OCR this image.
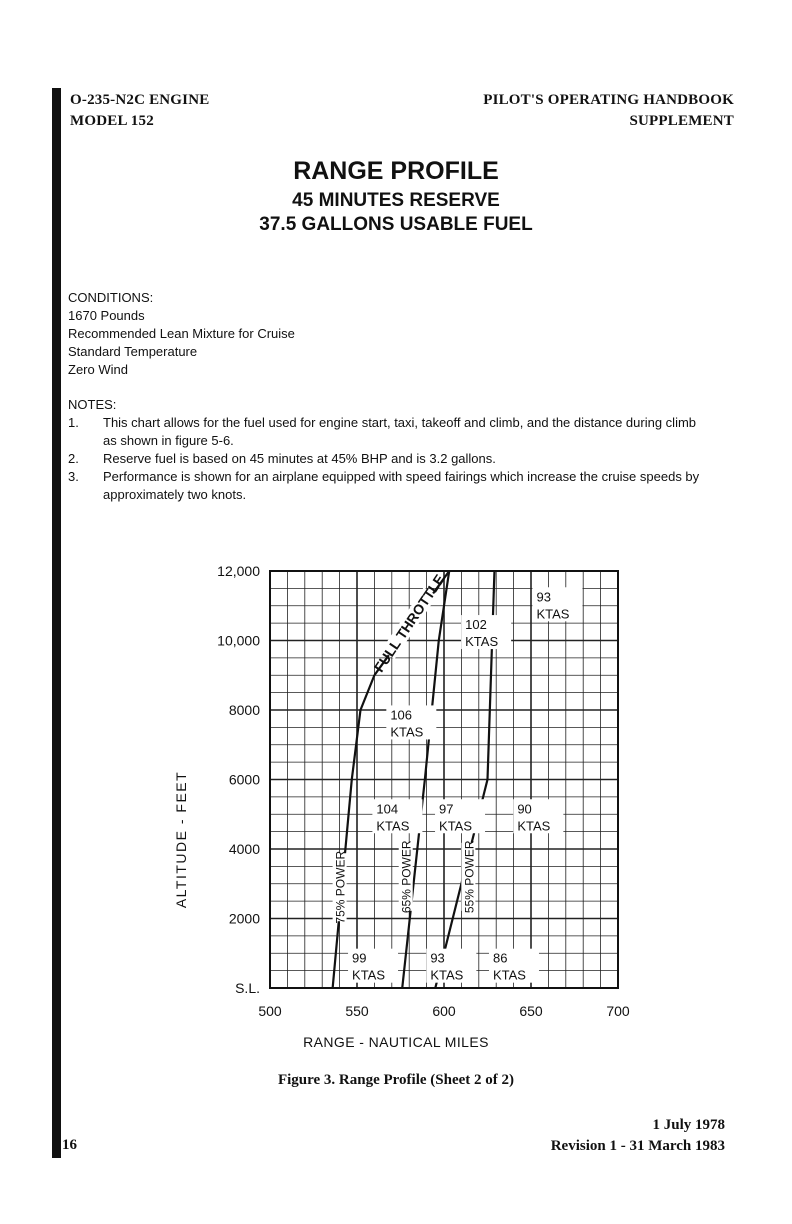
O-235-N2C ENGINE
MODEL 152
PILOT'S OPERATING HANDBOOK
SUPPLEMENT
RANGE PROFILE
45 MINUTES RESERVE
37.5 GALLONS USABLE FUEL
CONDITIONS:
1670 Pounds
Recommended Lean Mixture for Cruise
Standard Temperature
Zero Wind
NOTES:
1.	This chart allows for the fuel used for engine start, taxi, takeoff and climb, and the distance during climb as shown in figure 5-6.
2.	Reserve fuel is based on 45 minutes at 45% BHP and is 3.2 gallons.
3.	Performance is shown for an airplane equipped with speed fairings which increase the cruise speeds by approximately two knots.
500	550	600	650	700
S.L.
2000
4000
6000
8000
10,000
12,000
ALTITUDE - FEET
FULL THROTTLE
75% POWER	65% POWER	55% POWER
99
KTAS
93
KTAS
86
KTAS
104
KTAS
97
KTAS
90
KTAS
106
KTAS
102
KTAS
93
KTAS
RANGE - NAUTICAL MILES
Figure 3. Range Profile (Sheet 2 of 2)
16
1 July 1978
Revision 1 - 31 March 1983
